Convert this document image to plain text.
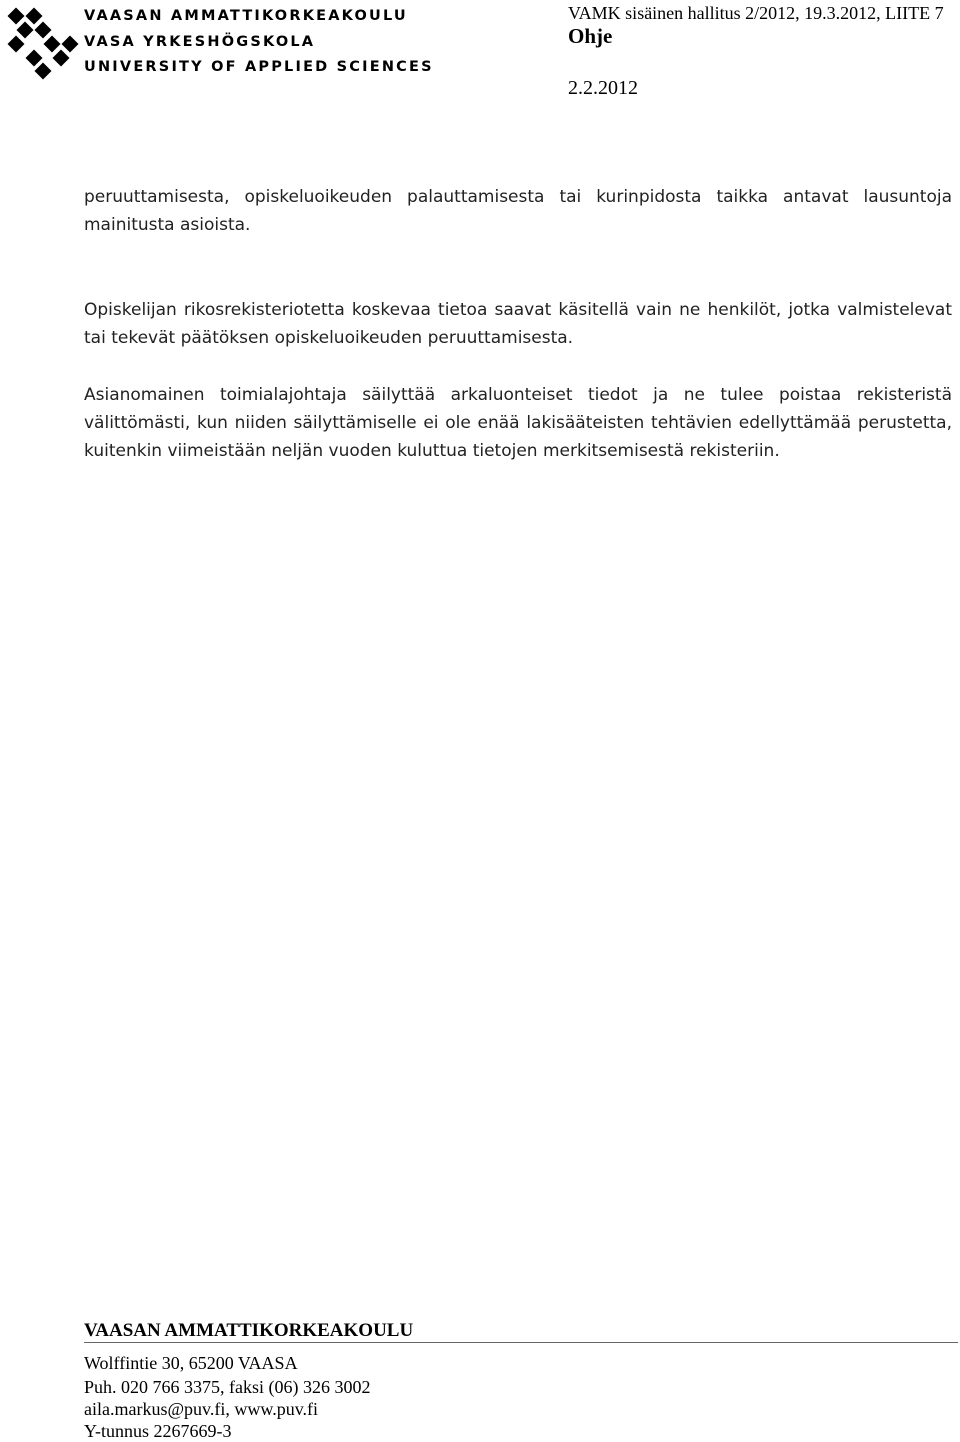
VAASAN AMMATTIKORKEAKOULU

VASA YRKESHÖGSKOLA

UNIVERSITY OF APPLIED SCIENCES

VAMK sisäinen hallitus 2/2012, 19.3.2012, LIITE 7

Ohje

2.2.2012

peruuttamisesta, opiskeluoikeuden palauttamisesta tai kurinpidosta taikka antavat lausuntoja mainitusta asioista.

Opiskelijan rikosrekisteriotetta koskevaa tietoa saavat käsitellä vain ne henkilöt, jotka valmistelevat tai tekevät päätöksen opiskeluoikeuden peruuttamisesta.

Asianomainen toimialajohtaja säilyttää arkaluonteiset tiedot ja ne tulee poistaa rekisteristä välittömästi, kun niiden säilyttämiselle ei ole enää lakisääteisten tehtävien edellyttämää perustetta, kuitenkin viimeistään neljän vuoden kuluttua tietojen merkitsemisestä rekisteriin.

VAASAN AMMATTIKORKEAKOULU

Wolffintie 30, 65200 VAASA

Puh. 020 766 3375, faksi (06) 326 3002

aila.markus@puv.fi, www.puv.fi

Y-tunnus 2267669-3
